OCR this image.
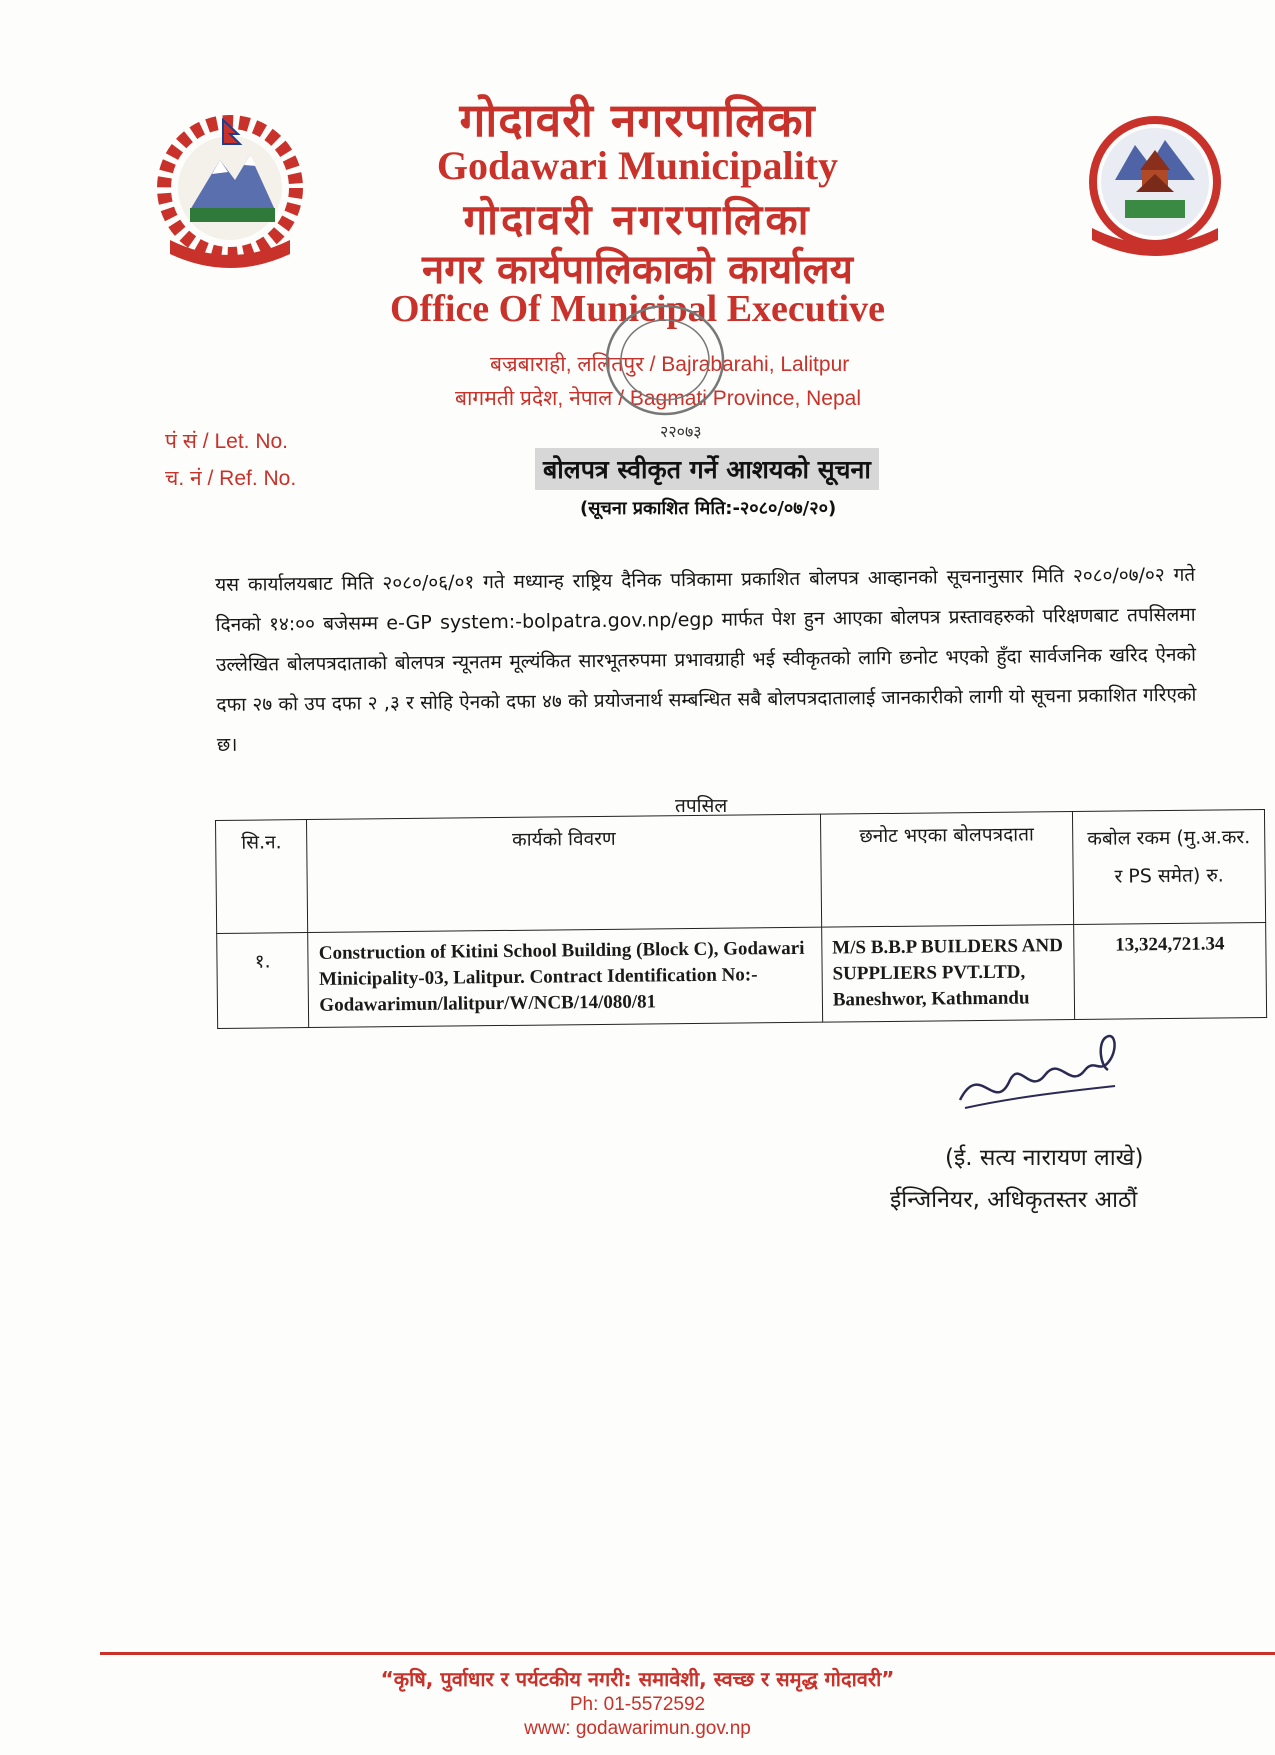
गोदावरी नगरपालिका
Godawari Municipality
गोदावरी नगरपालिका
नगर कार्यपालिकाको कार्यालय
Office Of Municipal Executive
बज्रबाराही, ललितपुर / Bajrabarahi, Lalitpur
बागमती प्रदेश, नेपाल / Bagmati Province, Nepal
२२०७३
पं सं / Let. No.
च. नं / Ref. No.	बोलपत्र स्वीकृत गर्ने आशयको सूचना
(सूचना प्रकाशित मिति:-२०८०/०७/२०)
यस कार्यालयबाट मिति २०८०/०६/०१ गते मध्यान्ह राष्ट्रिय दैनिक पत्रिकामा प्रकाशित बोलपत्र आव्हानको सूचनानुसार मिति २०८०/०७/०२ गते दिनको १४:०० बजेसम्म e-GP system:-bolpatra.gov.np/egp मार्फत पेश हुन आएका बोलपत्र प्रस्तावहरुको परिक्षणबाट तपसिलमा उल्लेखित बोलपत्रदाताको बोलपत्र न्यूनतम मूल्यंकित सारभूतरुपमा प्रभावग्राही भई स्वीकृतको लागि छनोट भएको हुँदा सार्वजनिक खरिद ऐनको दफा २७ को उप दफा २ ,३ र सोहि ऐनको दफा ४७ को प्रयोजनार्थ सम्बन्धित सबै बोलपत्रदातालाई जानकारीको लागी यो सूचना प्रकाशित गरिएको छ।
तपसिल
सि.न.	कार्यको विवरण	छनोट भएका बोलपत्रदाता	कबोल रकम (मु.अ.कर. र PS समेत) रु.
१.	Construction of Kitini School Building (Block C), Godawari Minicipality-03, Lalitpur. Contract Identification No:- Godawarimun/lalitpur/W/NCB/14/080/81	M/S B.B.P BUILDERS AND SUPPLIERS PVT.LTD, Baneshwor, Kathmandu	13,324,721.34
(ई. सत्य नारायण लाखे)
ईन्जिनियर, अधिकृतस्तर आठौं
“कृषि, पुर्वाधार र पर्यटकीय नगरी: समावेशी, स्वच्छ र समृद्ध गोदावरी”
Ph: 01-5572592
www: godawarimun.gov.np
